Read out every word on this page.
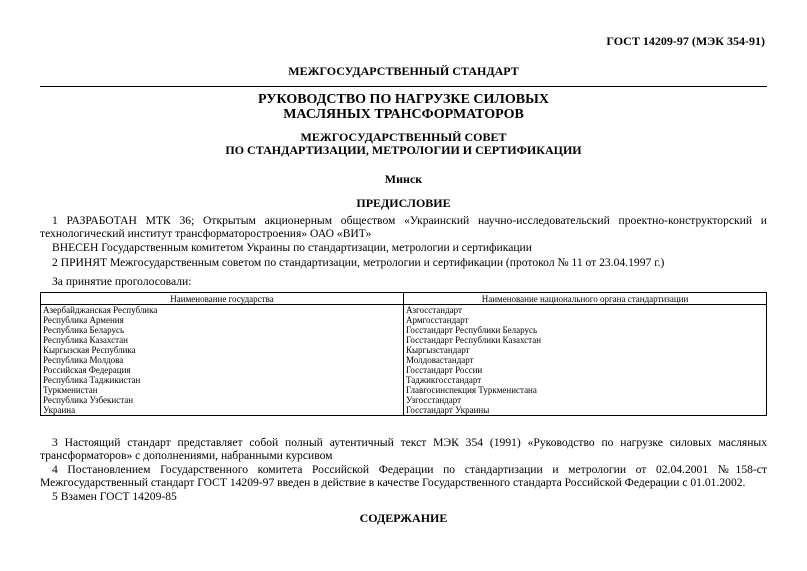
ГОСТ 14209-97 (МЭК 354-91)
МЕЖГОСУДАРСТВЕННЫЙ СТАНДАРТ
РУКОВОДСТВО ПО НАГРУЗКЕ СИЛОВЫХ
МАСЛЯНЫХ ТРАНСФОРМАТОРОВ
МЕЖГОСУДАРСТВЕННЫЙ СОВЕТ
ПО СТАНДАРТИЗАЦИИ, МЕТРОЛОГИИ И СЕРТИФИКАЦИИ
Минск
ПРЕДИСЛОВИЕ
1 РАЗРАБОТАН МТК 36; Открытым акционерным обществом «Украинский научно-исследовательский проектно-конструкторский и технологический институт трансформаторостроения» ОАО «ВИТ»
ВНЕСЕН Государственным комитетом Украины по стандартизации, метрологии и сертификации
2 ПРИНЯТ Межгосударственным советом по стандартизации, метрологии и сертификации (протокол № 11 от 23.04.1997 г.)
За принятие проголосовали:
Наименование государства	Наименование национального органа стандартизации
Азербайджанская Республика	Азгосстандарт
Республика Армения	Армгосстандарт
Республика Беларусь	Госстандарт Республики Беларусь
Республика Казахстан	Госстандарт Республики Казахстан
Кыргызская Республика	Кыргызстандарт
Республика Молдова	Молдовастандарт
Российская Федерация	Госстандарт России
Республика Таджикистан	Таджикгосстандарт
Туркменистан	Главгосинспекция Туркменистана
Республика Узбекистан	Узгосстандарт
Украина	Госстандарт Украины
3 Настоящий стандарт представляет собой полный аутентичный текст МЭК 354 (1991) «Руководство по нагрузке силовых масляных трансформаторов» с дополнениями, набранными курсивом
4 Постановлением Государственного комитета Российской Федерации по стандартизации и метрологии от 02.04.2001 №158-ст Межгосударственный стандарт ГОСТ 14209-97 введен в действие в качестве Государственного стандарта Российской Федерации с 01.01.2002.
5 Взамен ГОСТ 14209-85
СОДЕРЖАНИЕ
